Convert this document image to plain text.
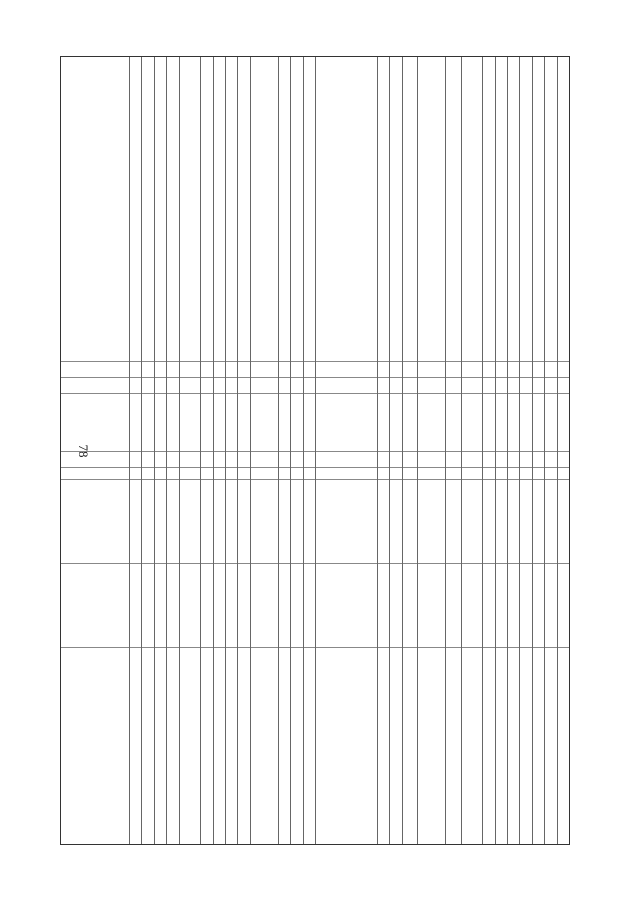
78
